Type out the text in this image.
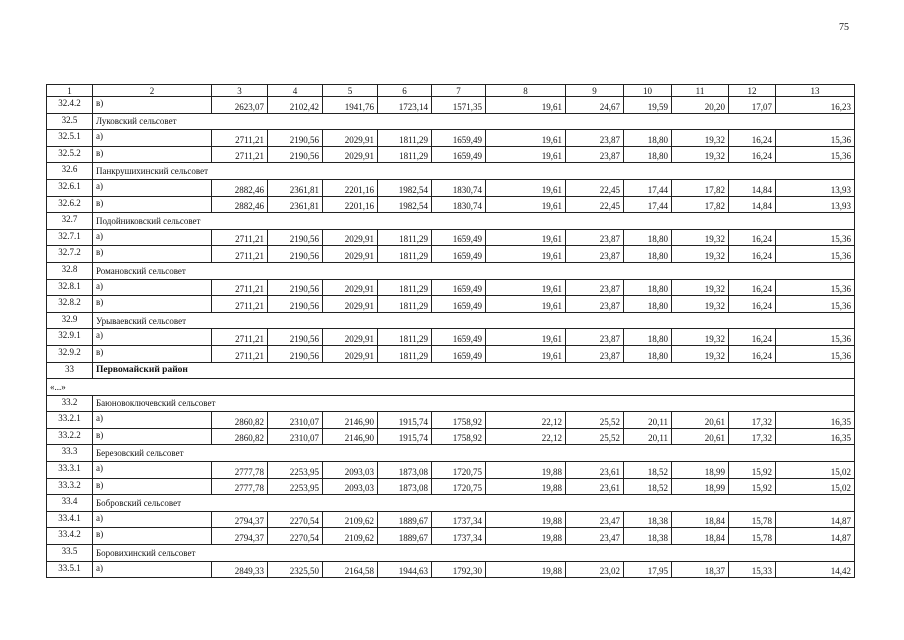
75
1	2	3	4	5	6	7	8	9	10	11	12	13
32.4.2	в)	2623,07	2102,42	1941,76	1723,14	1571,35	19,61	24,67	19,59	20,20	17,07	16,23
32.5	Луковский сельсовет											
32.5.1	а)	2711,21	2190,56	2029,91	1811,29	1659,49	19,61	23,87	18,80	19,32	16,24	15,36
32.5.2	в)	2711,21	2190,56	2029,91	1811,29	1659,49	19,61	23,87	18,80	19,32	16,24	15,36
32.6	Панкрушихинский сельсовет											
32.6.1	а)	2882,46	2361,81	2201,16	1982,54	1830,74	19,61	22,45	17,44	17,82	14,84	13,93
32.6.2	в)	2882,46	2361,81	2201,16	1982,54	1830,74	19,61	22,45	17,44	17,82	14,84	13,93
32.7	Подойниковский сельсовет											
32.7.1	а)	2711,21	2190,56	2029,91	1811,29	1659,49	19,61	23,87	18,80	19,32	16,24	15,36
32.7.2	в)	2711,21	2190,56	2029,91	1811,29	1659,49	19,61	23,87	18,80	19,32	16,24	15,36
32.8	Романовский сельсовет											
32.8.1	а)	2711,21	2190,56	2029,91	1811,29	1659,49	19,61	23,87	18,80	19,32	16,24	15,36
32.8.2	в)	2711,21	2190,56	2029,91	1811,29	1659,49	19,61	23,87	18,80	19,32	16,24	15,36
32.9	Урываевский сельсовет											
32.9.1	а)	2711,21	2190,56	2029,91	1811,29	1659,49	19,61	23,87	18,80	19,32	16,24	15,36
32.9.2	в)	2711,21	2190,56	2029,91	1811,29	1659,49	19,61	23,87	18,80	19,32	16,24	15,36
33	Первомайский район											
«...»												
33.2	Баюновоключевский сельсовет											
33.2.1	а)	2860,82	2310,07	2146,90	1915,74	1758,92	22,12	25,52	20,11	20,61	17,32	16,35
33.2.2	в)	2860,82	2310,07	2146,90	1915,74	1758,92	22,12	25,52	20,11	20,61	17,32	16,35
33.3	Березовский сельсовет											
33.3.1	а)	2777,78	2253,95	2093,03	1873,08	1720,75	19,88	23,61	18,52	18,99	15,92	15,02
33.3.2	в)	2777,78	2253,95	2093,03	1873,08	1720,75	19,88	23,61	18,52	18,99	15,92	15,02
33.4	Бобровский сельсовет											
33.4.1	а)	2794,37	2270,54	2109,62	1889,67	1737,34	19,88	23,47	18,38	18,84	15,78	14,87
33.4.2	в)	2794,37	2270,54	2109,62	1889,67	1737,34	19,88	23,47	18,38	18,84	15,78	14,87
33.5	Боровихинский сельсовет											
33.5.1	а)	2849,33	2325,50	2164,58	1944,63	1792,30	19,88	23,02	17,95	18,37	15,33	14,42
